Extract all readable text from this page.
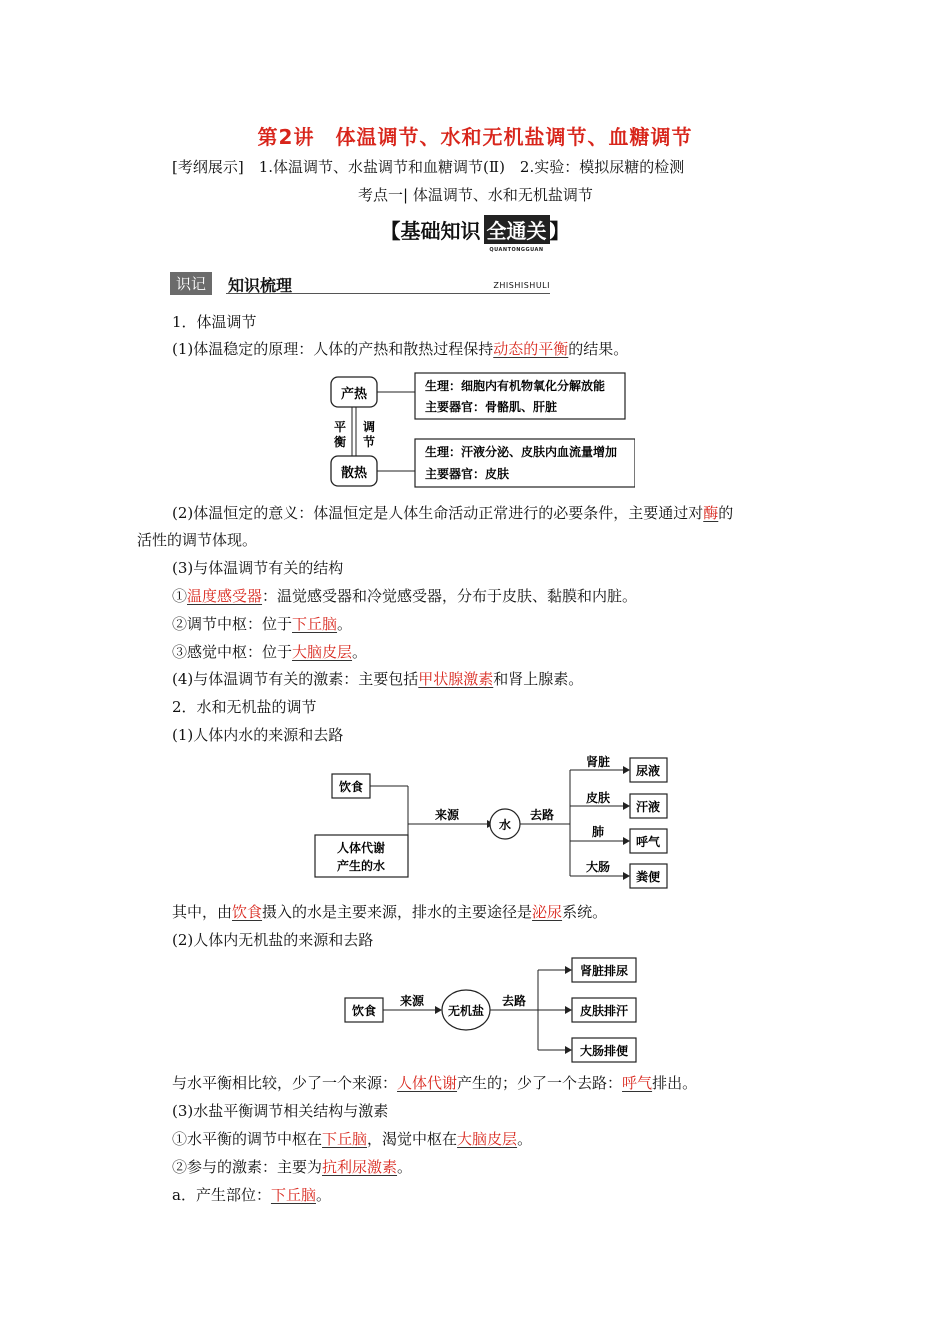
第2讲　体温调节、水和无机盐调节、血糖调节
[考纲展示]　1.体温调节、水盐调节和血糖调节(Ⅱ)　2.实验：模拟尿糖的检测
考点一| 体温调节、水和无机盐调节
【基础知识 全通关
QUANTONGGUAN
】
识记	知识梳理	ZHISHISHULI
1．体温调节
(1)体温稳定的原理：人体的产热和散热过程保持动态的平衡的结果。
产热
散热
平
衡
调
节
生理：细胞内有机物氧化分解放能
主要器官：骨骼肌、肝脏
生理：汗液分泌、皮肤内血流量增加
主要器官：皮肤
(2)体温恒定的意义：体温恒定是人体生命活动正常进行的必要条件，主要通过对酶的
活性的调节体现。
(3)与体温调节有关的结构
①温度感受器：温觉感受器和冷觉感受器，分布于皮肤、黏膜和内脏。
②调节中枢：位于下丘脑。
③感觉中枢：位于大脑皮层。
(4)与体温调节有关的激素：主要包括甲状腺激素和肾上腺素。
2．水和无机盐的调节
(1)人体内水的来源和去路
饮食
人体代谢
产生的水
来源
水
去路
肾脏
尿液
皮肤
汗液
肺
呼气
大肠
粪便
其中，由饮食摄入的水是主要来源，排水的主要途径是泌尿系统。
(2)人体内无机盐的来源和去路
饮食
来源
无机盐
去路
肾脏排尿
皮肤排汗
大肠排便
与水平衡相比较，少了一个来源：人体代谢产生的；少了一个去路：呼气排出。
(3)水盐平衡调节相关结构与激素
①水平衡的调节中枢在下丘脑，渴觉中枢在大脑皮层。
②参与的激素：主要为抗利尿激素。
a．产生部位：下丘脑。
